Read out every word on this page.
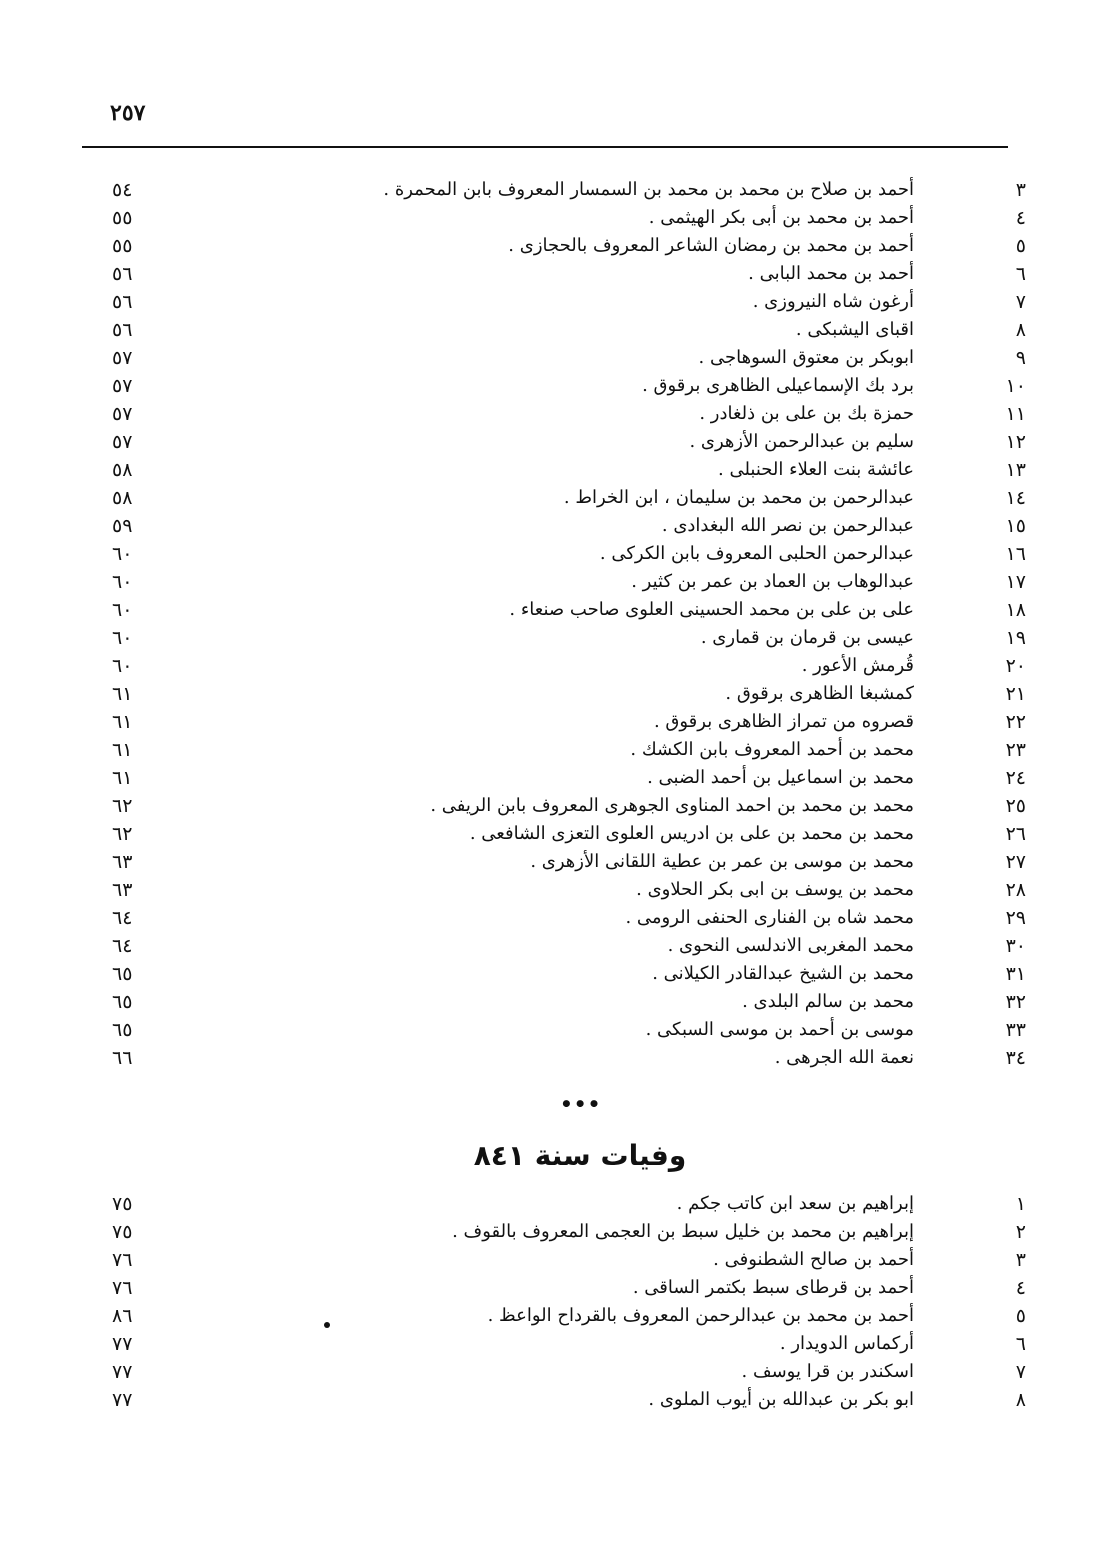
٢٥٧
٣
أحمد بن صلاح بن محمد بن محمد بن السمسار المعروف بابن المحمرة .
٥٤
٤
أحمد بن محمد بن أبى بكر الهيثمى .
٥٥
٥
أحمد بن محمد بن رمضان الشاعر المعروف بالحجازى .
٥٥
٦
أحمد بن محمد البابى .
٥٦
٧
أرغون شاه النيروزى .
٥٦
٨
اقباى اليشبكى .
٥٦
٩
ابوبكر بن معتوق السوهاجى .
٥٧
١٠
برد بك الإسماعيلى الظاهرى برقوق .
٥٧
١١
حمزة بك بن على بن ذلغادر .
٥٧
١٢
سليم بن عبدالرحمن الأزهرى .
٥٧
١٣
عائشة بنت العلاء الحنبلى .
٥٨
١٤
عبدالرحمن بن محمد بن سليمان ، ابن الخراط .
٥٨
١٥
عبدالرحمن بن نصر الله البغدادى .
٥٩
١٦
عبدالرحمن الحلبى المعروف بابن الكركى .
٦٠
١٧
عبدالوهاب بن العماد بن عمر بن كثير .
٦٠
١٨
على بن على بن محمد الحسينى العلوى صاحب صنعاء .
٦٠
١٩
عيسى بن قرمان بن قمارى .
٦٠
٢٠
قُرمش الأعور .
٦٠
٢١
كمشبغا الظاهرى برقوق .
٦١
٢٢
قصروه من تمراز الظاهرى برقوق .
٦١
٢٣
محمد بن أحمد المعروف بابن الكشك .
٦١
٢٤
محمد بن اسماعيل بن أحمد الضبى .
٦١
٢٥
محمد بن محمد بن احمد المناوى الجوهرى المعروف بابن الريفى .
٦٢
٢٦
محمد بن محمد بن على بن ادريس العلوى التعزى الشافعى .
٦٢
٢٧
محمد بن موسى بن عمر بن عطية اللقانى الأزهرى .
٦٣
٢٨
محمد بن يوسف بن ابى بكر الحلاوى .
٦٣
٢٩
محمد شاه بن الفنارى الحنفى الرومى .
٦٤
٣٠
محمد المغربى الاندلسى النحوى .
٦٤
٣١
محمد بن الشيخ عبدالقادر الكيلانى .
٦٥
٣٢
محمد بن سالم البلدى .
٦٥
٣٣
موسى بن أحمد بن موسى السبكى .
٦٥
٣٤
نعمة الله الجرهى .
٦٦
•••
وفيات سنة ٨٤١
١
إبراهيم بن سعد ابن كاتب جكم .
٧٥
٢
إبراهيم بن محمد بن خليل سبط بن العجمى المعروف بالقوف .
٧٥
٣
أحمد بن صالح الشطنوفى .
٧٦
٤
أحمد بن قرطاى سبط بكتمر الساقى .
٧٦
٥
أحمد بن محمد بن عبدالرحمن المعروف بالقرداح الواعظ .
٨٦
٦
أركماس الدويدار .
٧٧
٧
اسكندر بن قرا يوسف .
٧٧
٨
ابو بكر بن عبدالله بن أيوب الملوى .
٧٧
